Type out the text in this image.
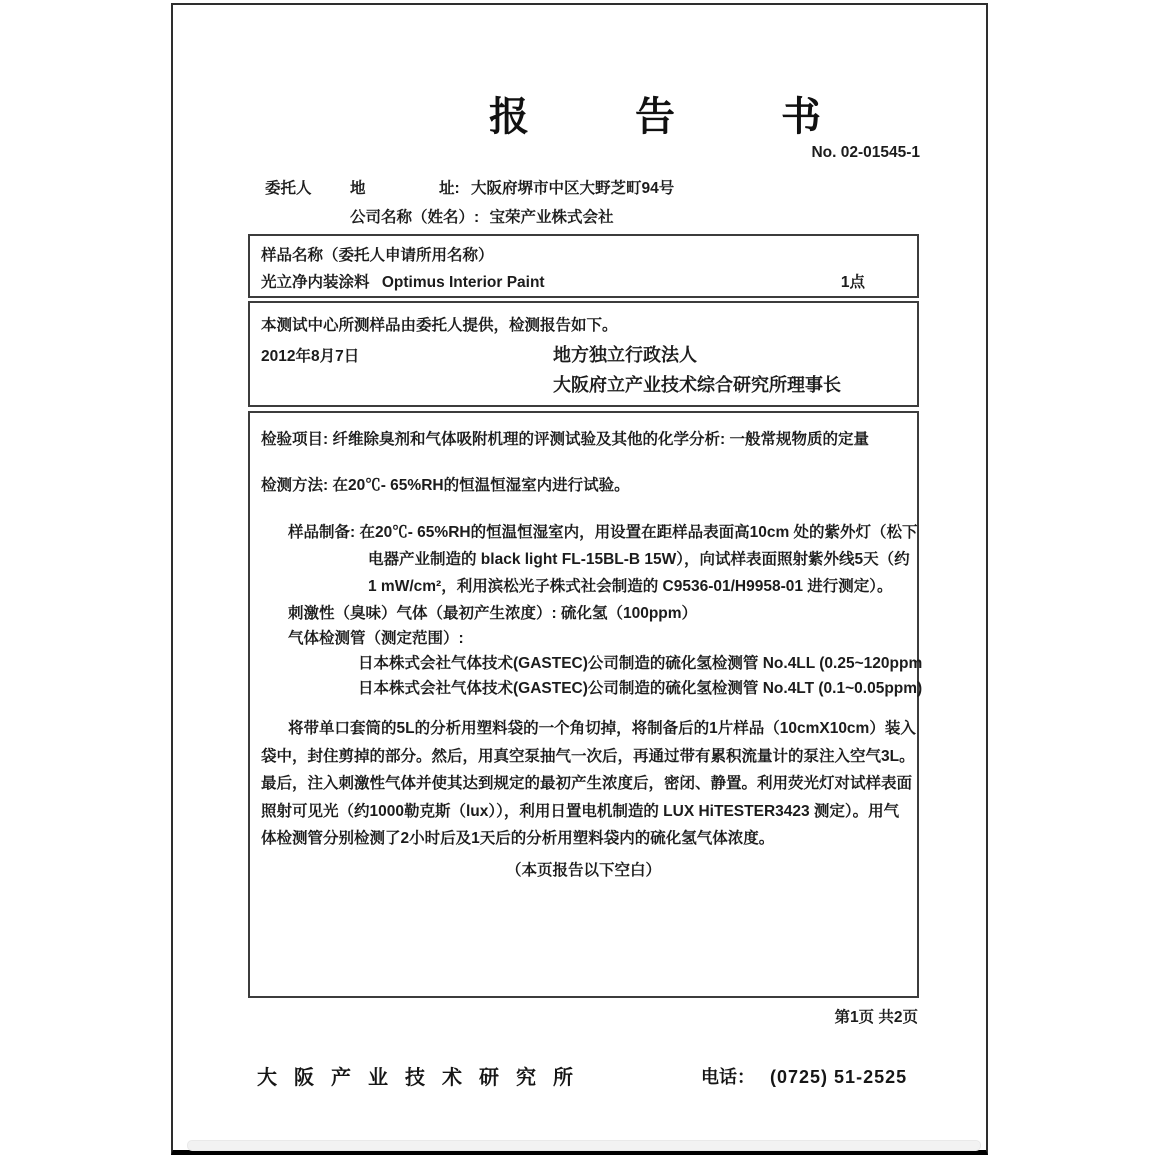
报　告　书
No. 02-01545-1
委托人 地	址: 大阪府堺市中区大野芝町94号
公司名称（姓名）: 宝荣产业株式会社
样品名称（委托人申请所用名称）
光立净内装涂料 Optimus Interior Paint	1点
本测试中心所测样品由委托人提供，检测报告如下。
2012年8月7日	地方独立行政法人
大阪府立产业技术综合研究所理事长
检验项目: 纤维除臭剂和气体吸附机理的评测试验及其他的化学分析: 一般常规物质的定量
检测方法: 在20℃- 65%RH的恒温恒湿室内进行试验。
样品制备: 在20℃- 65%RH的恒温恒湿室内，用设置在距样品表面高10cm 处的紫外灯（松下
电器产业制造的 black light FL-15BL-B 15W），向试样表面照射紫外线5天（约
1 mW/cm²，利用滨松光子株式社会制造的 C9536-01/H9958-01 进行测定）。
刺激性（臭味）气体（最初产生浓度）: 硫化氢（100ppm）
气体检测管（测定范围）:
日本株式会社气体技术(GASTEC)公司制造的硫化氢检测管 No.4LL (0.25~120ppm
日本株式会社气体技术(GASTEC)公司制造的硫化氢检测管 No.4LT (0.1~0.05ppm)
将带单口套筒的5L的分析用塑料袋的一个角切掉，将制备后的1片样品（10cmX10cm）装入
袋中，封住剪掉的部分。然后，用真空泵抽气一次后，再通过带有累积流量计的泵注入空气3L。
最后，注入刺激性气体并使其达到规定的最初产生浓度后，密闭、静置。利用荧光灯对试样表面
照射可见光（约1000勒克斯（lux）），利用日置电机制造的 LUX HiTESTER3423 测定）。用气
体检测管分别检测了2小时后及1天后的分析用塑料袋内的硫化氢气体浓度。
（本页报告以下空白）
第1页 共2页
大阪产业技术研究所	电话： (0725) 51-2525
